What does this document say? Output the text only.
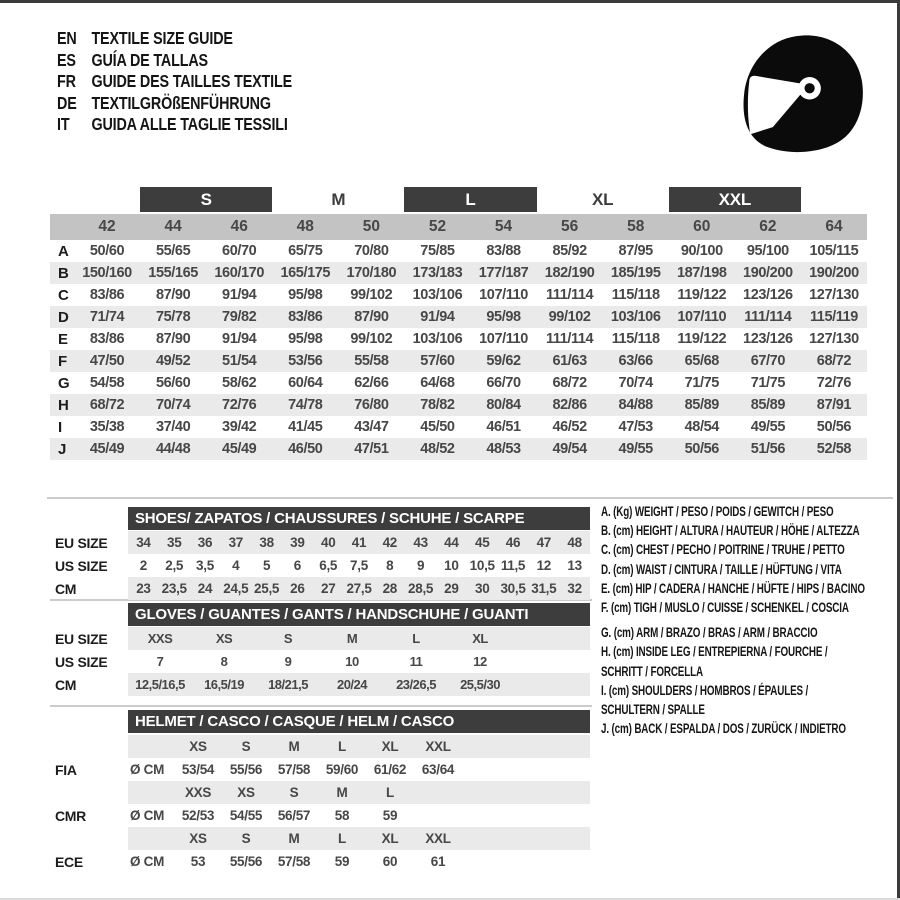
EN TEXTILE SIZE GUIDE
ES GUÍA DE TALLAS
FR GUIDE DES TAILLES TEXTILE
DE TEXTILGRÖßENFÜHRUNG
IT	GUIDA ALLE TAGLIE TESSILI
S	M	L	XL	XXL
42	44	46	48	50	52	54	56	58	60	62	64
A	50/60	55/65	60/70	65/75	70/80	75/85	83/88	85/92	87/95	90/100	95/100	105/115
B 150/160	155/165	160/170	165/175	170/180	173/183	177/187	182/190	185/195	187/198	190/200	190/200
C	83/86	87/90	91/94	95/98	99/102	103/106	107/110	111/114	115/118	119/122	123/126	127/130
D	71/74	75/78	79/82	83/86	87/90	91/94	95/98	99/102	103/106	107/110	111/114	115/119
E	83/86	87/90	91/94	95/98	99/102	103/106	107/110	111/114	115/118	119/122	123/126	127/130
F	47/50	49/52	51/54	53/56	55/58	57/60	59/62	61/63	63/66	65/68	67/70	68/72
G	54/58	56/60	58/62	60/64	62/66	64/68	66/70	68/72	70/74	71/75	71/75	72/76
H	68/72	70/74	72/76	74/78	76/80	78/82	80/84	82/86	84/88	85/89	85/89	87/91
I	35/38	37/40	39/42	41/45	43/47	45/50	46/51	46/52	47/53	48/54	49/55	50/56
J	45/49	44/48	45/49	46/50	47/51	48/52	48/53	49/54	49/55	50/56	51/56	52/58
SHOES/ ZAPATOS / CHAUSSURES / SCHUHE / SCARPE
EU SIZE	34	35	36	37	38	39	40	41	42	43	44	45	46	47	48
US SIZE	2	2,5 3,5	4	5	6	6,5 7,5	8	9	10 10,5 11,5 12	13
CM	23 23,5 24 24,5 25,5 26	27 27,5 28 28,5 29	30 30,5 31,5 32
GLOVES / GUANTES / GANTS / HANDSCHUHE / GUANTI
EU SIZE	XXS	XS	S	M	L	XL
US SIZE	7	8	9	10	11	12
CM	12,5/16,5	16,5/19	18/21,5	20/24	23/26,5	25,5/30
HELMET / CASCO / CASQUE / HELM / CASCO
XS	S	M	L	XL	XXL
FIA	Ø CM	53/54	55/56	57/58	59/60	61/62	63/64
XXS	XS	S	M	L
CMR	Ø CM	52/53	54/55	56/57	58	59
XS	S	M	L	XL	XXL
ECE	Ø CM	53	55/56	57/58	59	60	61
A. (Kg) WEIGHT / PESO / POIDS / GEWITCH / PESO
B. (cm) HEIGHT / ALTURA / HAUTEUR / HÖHE / ALTEZZA
C. (cm) CHEST / PECHO / POITRINE / TRUHE / PETTO
D. (cm) WAIST / CINTURA / TAILLE / HÜFTUNG / VITA
E. (cm) HIP / CADERA / HANCHE / HÜFTE / HIPS / BACINO
F. (cm) TIGH / MUSLO / CUISSE / SCHENKEL / COSCIA
G. (cm) ARM / BRAZO / BRAS / ARM / BRACCIO
H. (cm) INSIDE LEG / ENTREPIERNA / FOURCHE /
SCHRITT / FORCELLA
I. (cm) SHOULDERS / HOMBROS / ÉPAULES /
SCHULTERN / SPALLE
J. (cm) BACK / ESPALDA / DOS / ZURÜCK / INDIETRO
